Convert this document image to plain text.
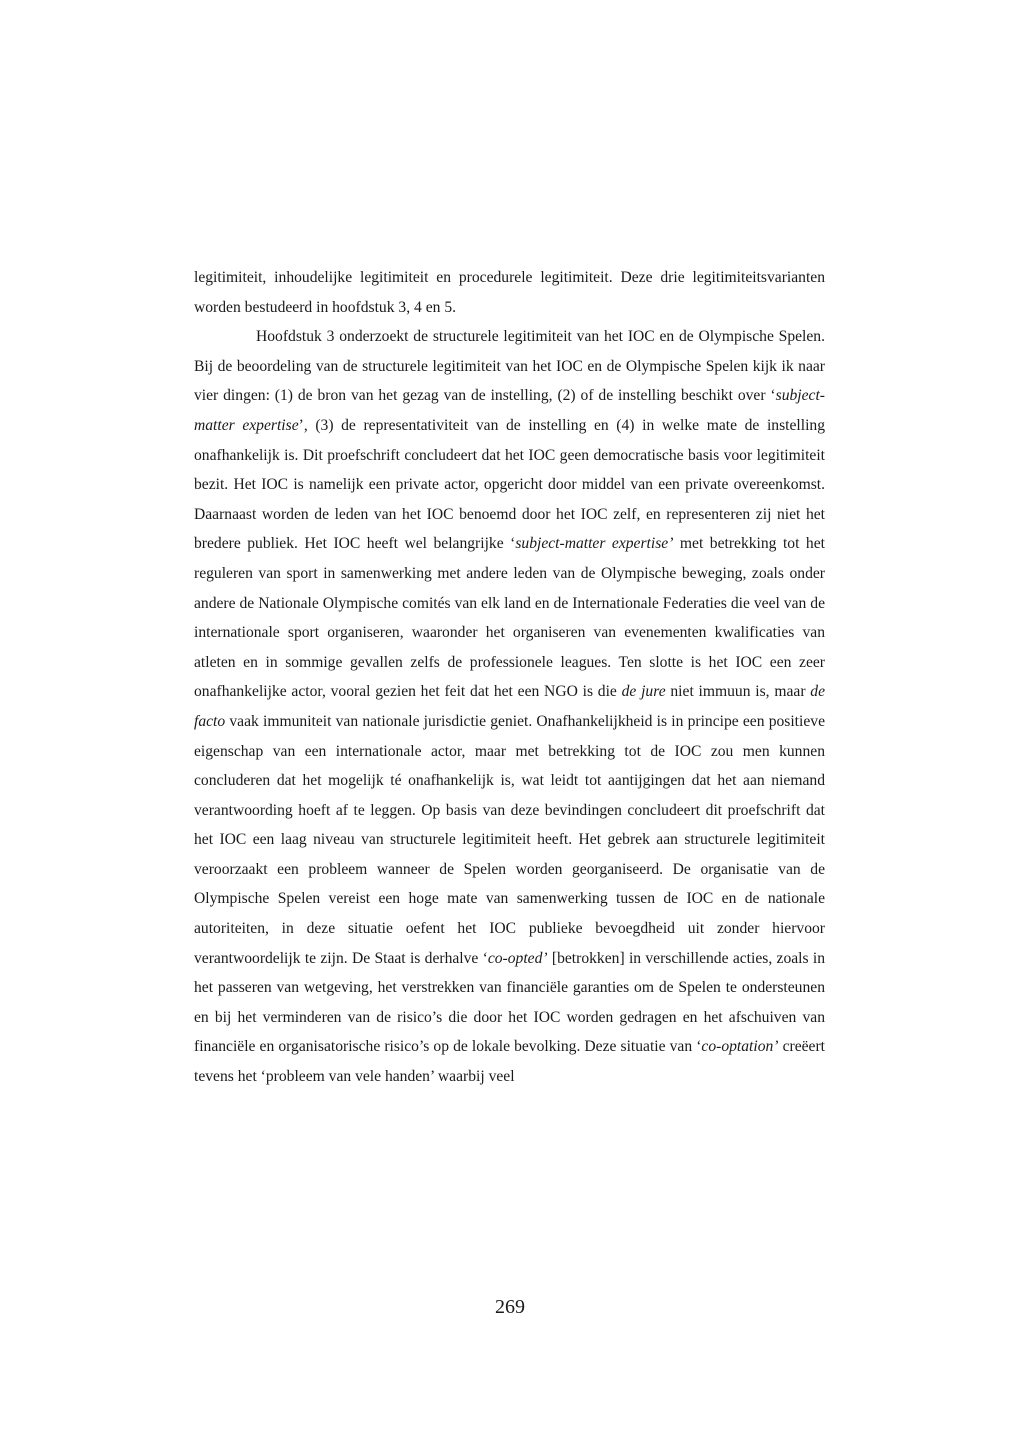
legitimiteit, inhoudelijke legitimiteit en procedurele legitimiteit. Deze drie legitimiteitsvarianten worden bestudeerd in hoofdstuk 3, 4 en 5.

Hoofdstuk 3 onderzoekt de structurele legitimiteit van het IOC en de Olympische Spelen. Bij de beoordeling van de structurele legitimiteit van het IOC en de Olympische Spelen kijk ik naar vier dingen: (1) de bron van het gezag van de instelling, (2) of de instelling beschikt over ‘subject-matter expertise’, (3) de representativiteit van de instelling en (4) in welke mate de instelling onafhankelijk is. Dit proefschrift concludeert dat het IOC geen democratische basis voor legitimiteit bezit. Het IOC is namelijk een private actor, opgericht door middel van een private overeenkomst. Daarnaast worden de leden van het IOC benoemd door het IOC zelf, en representeren zij niet het bredere publiek. Het IOC heeft wel belangrijke ‘subject-matter expertise’ met betrekking tot het reguleren van sport in samenwerking met andere leden van de Olympische beweging, zoals onder andere de Nationale Olympische comités van elk land en de Internationale Federaties die veel van de internationale sport organiseren, waaronder het organiseren van evenementen kwalificaties van atleten en in sommige gevallen zelfs de professionele leagues. Ten slotte is het IOC een zeer onafhankelijke actor, vooral gezien het feit dat het een NGO is die de jure niet immuun is, maar de facto vaak immuniteit van nationale jurisdictie geniet. Onafhankelijkheid is in principe een positieve eigenschap van een internationale actor, maar met betrekking tot de IOC zou men kunnen concluderen dat het mogelijk té onafhankelijk is, wat leidt tot aantijgingen dat het aan niemand verantwoording hoeft af te leggen. Op basis van deze bevindingen concludeert dit proefschrift dat het IOC een laag niveau van structurele legitimiteit heeft. Het gebrek aan structurele legitimiteit veroorzaakt een probleem wanneer de Spelen worden georganiseerd. De organisatie van de Olympische Spelen vereist een hoge mate van samenwerking tussen de IOC en de nationale autoriteiten, in deze situatie oefent het IOC publieke bevoegdheid uit zonder hiervoor verantwoordelijk te zijn. De Staat is derhalve ‘co-opted’ [betrokken] in verschillende acties, zoals in het passeren van wetgeving, het verstrekken van financiële garanties om de Spelen te ondersteunen en bij het verminderen van de risico’s die door het IOC worden gedragen en het afschuiven van financiële en organisatorische risico’s op de lokale bevolking. Deze situatie van ‘co-optation’ creëert tevens het ‘probleem van vele handen’ waarbij veel

269
